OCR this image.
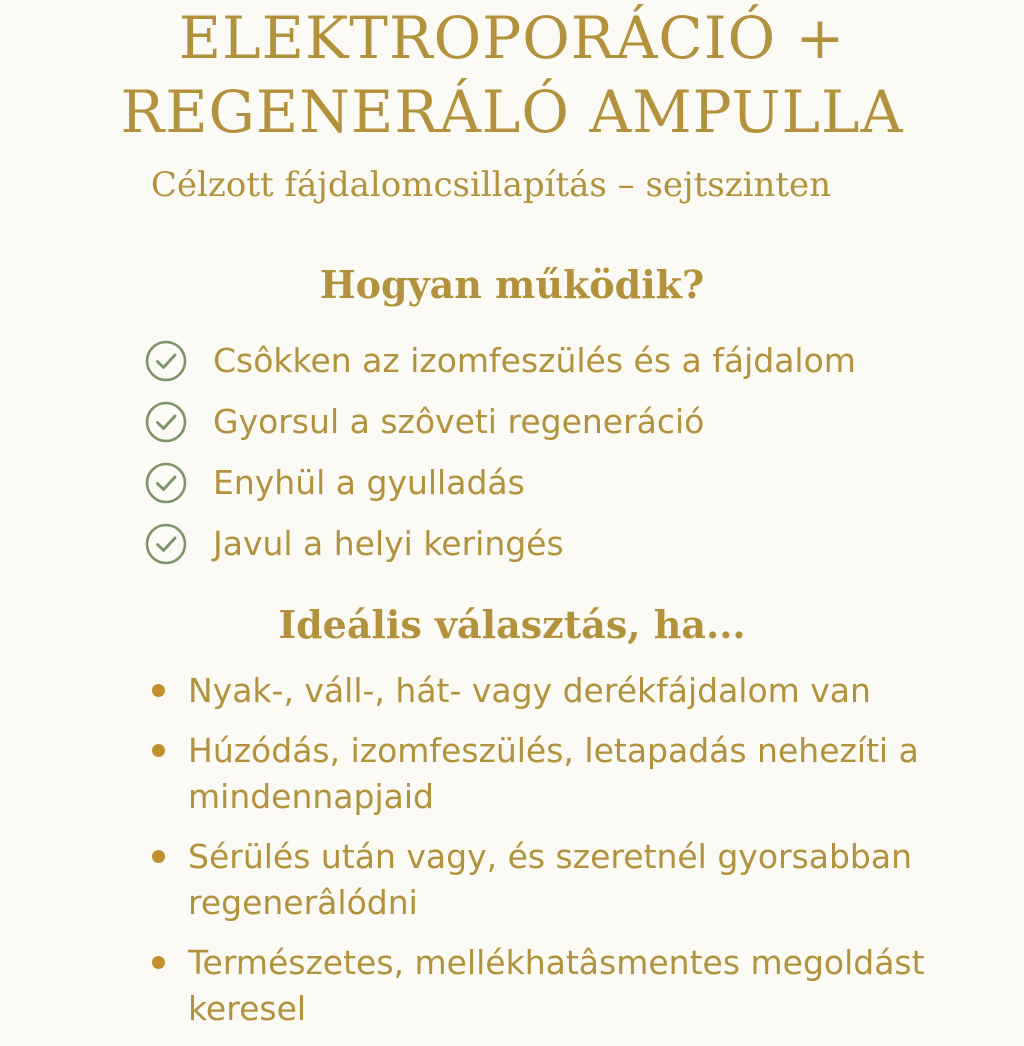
ELEKTROPORÁCIÓ +
REGENERÁLÓ AMPULLA

Célzott fájdalomcsillapítás – sejtszinten

Hogyan működik?
Csôkken az izomfeszülés és a fájdalom
Gyorsul a szôveti regeneráció
Enyhül a gyulladás
Javul a helyi keringés
Ideális választás, ha...
Nyak-, váll-, hát- vagy derékfájdalom van
Húzódás, izomfeszülés, letapadás nehezíti a mindennapjaid
Sérülés után vagy, és szeretnél gyorsabban regenerâlódni
Természetes, mellékhatâsmentes megoldást keresel
